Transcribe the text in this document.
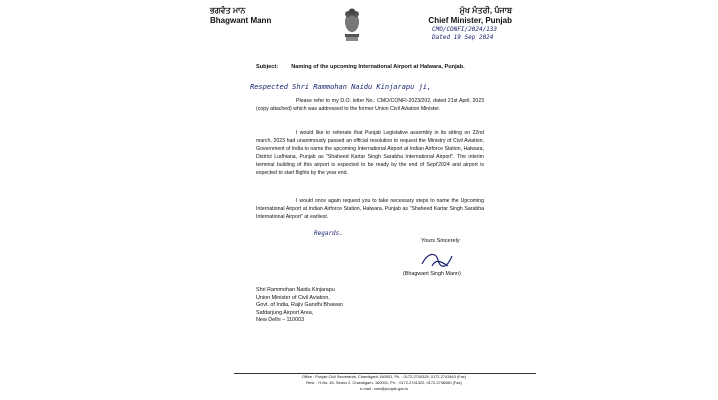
ਭਗਵੰਤ ਮਾਨ
Bhagwant Mann
ਮੁੱਖ ਮੰਤਰੀ, ਪੰਜਾਬ
Chief Minister, Punjab
CMO/CONFI/2024/133
Dated 19 Sep 2024
Subject: Naming of the upcoming International Airport at Halwara, Punjab.
Respected Shri Rammohan Naidu Kinjarapu ji,

Please refer to my D.O. letter No.: CMO/CONFI-2023/202, dated 21st April, 2023 (copy attached) which was addressed to the former Union Civil Aviation Minister.

I would like to reiterate that Punjab Legislative assembly in its sitting on 22nd march, 2023 had unanimously passed an official resolution to request the Ministry of Civil Aviation, Government of India to name the upcoming International Airport at Indian Airforce Station, Halwara, District Ludhiana, Punjab as "Shaheed Kartar Singh Sarabha International Airport". The interim terminal building of this airport is expected to be ready by the end of Sept'2024 and airport is expected to start flights by the year end.

I would once again request you to take necessary steps to name the Upcoming International Airport at Indian Airforce Station, Halwara, Punjab as "Shaheed Kartar Singh Sarabha International Airport" at earliest.

Regards.
Yours Sincerely
(Bhagwant Singh Mann)
Shri Rammohan Naidu Kinjarapu
Union Minister of Civil Aviation,
Govt. of India, Rajiv Gandhi Bhawan
Safdarjung Airport Area,
New Delhi – 110003
Office : Punjab Civil Secretariat, Chandigarh-160001, Ph. : 0172-2740325, 0172-2743463 (Fax)
Resi. : H.No. 45, Sector 2, Chandigarh- 160001, Ph. : 0172-2741322, 0172-2746060 (Fax)
e-mail : cmo@punjab.gov.in
